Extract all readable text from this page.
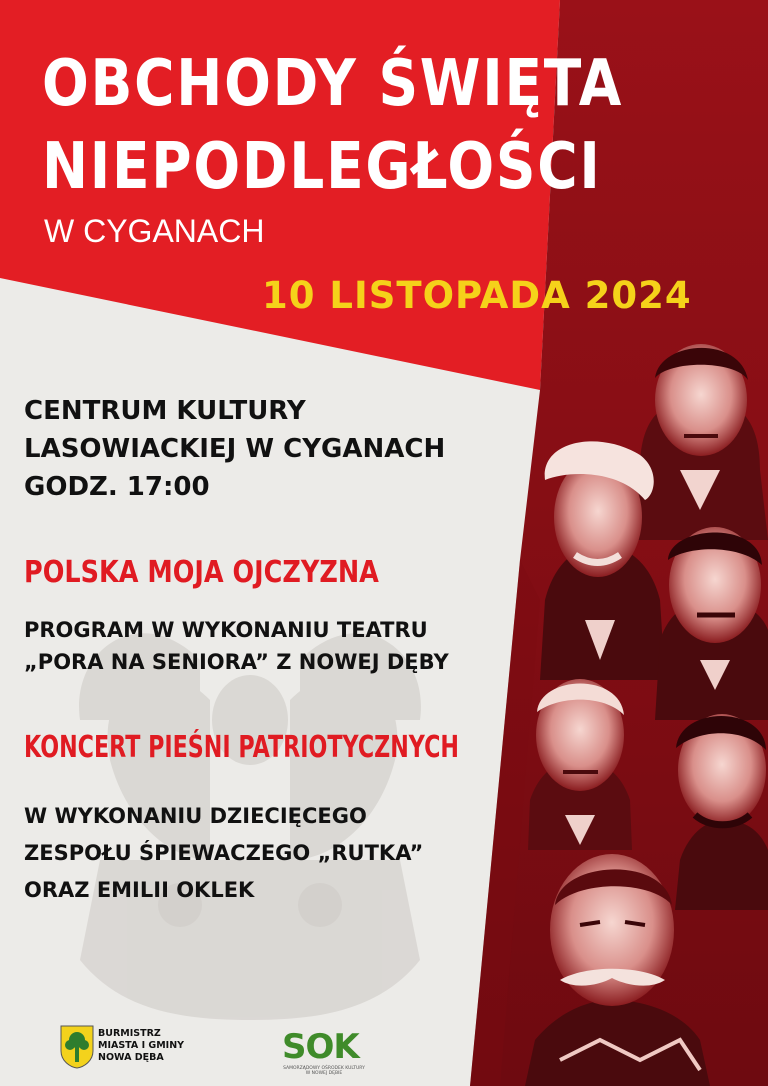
OBCHODY ŚWIĘTA
NIEPODLEGŁOŚCI
W CYGANACH
10 LISTOPADA 2024
CENTRUM KULTURY
LASOWIACKIEJ W CYGANACH
GODZ. 17:00
POLSKA MOJA OJCZYZNA
PROGRAM W WYKONANIU TEATRU
„PORA NA SENIORA” Z NOWEJ DĘBY
KONCERT PIEŚNI PATRIOTYCZNYCH
W WYKONANIU DZIECIĘCEGO
ZESPOŁU ŚPIEWACZEGO „RUTKA”
ORAZ EMILII OKLEK
BURMISTRZ
MIASTA I GMINY
NOWA DĘBA	SOK
SAMORZĄDOWY OŚRODEK KULTURY W NOWEJ DĘBIE
